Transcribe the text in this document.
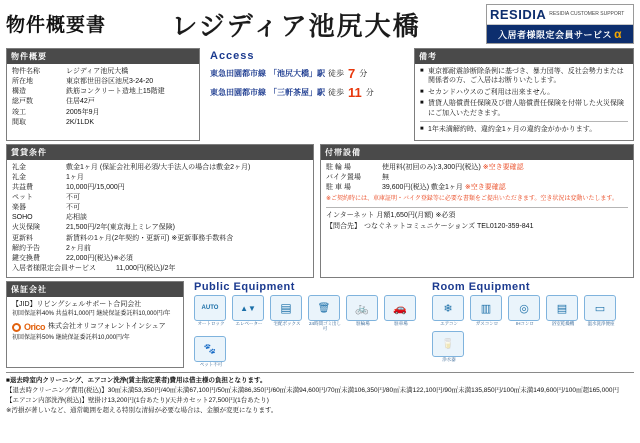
物件概要書	レジディア池尻大橋	RESIDIA RESIDIA CUSTOMER SUPPORT
入居者様限定会員サービス α
物件概要
物件名称	レジディア池尻大橋
所在地	東京都世田谷区池尻3-24-20
構造	鉄筋コンクリート造地上15階建
総戸数	住居42戸
竣工	2005年9月
間取	2K/1LDK
Access
東急田園都市線 「池尻大橋」駅 徒歩 7 分
東急田園都市線 「三軒茶屋」駅 徒歩 11 分
備考
■ 東京都耐震診断除条例に基づき、暴力団等、反社会勢力または関係者の方、ご入居はお断りいたします。
■ セカンドハウスのご利用は出来ません。
■ 賃貸人賠償責任保険及び借人賠償責任保険を付帯した火災保険にご加入いただきます。
■ 1年未満解約時、違約金1ヶ月の違約金がかかります。
賃貸条件
礼金	敷金1ヶ月 (保証会社利用必須/大手法人の場合は敷金2ヶ月)
礼金	1ヶ月
共益費	10,000円/15,000円
ペット	不可
楽器	不可
SOHO	応相談
火災保険	21,500円/2年(東京海上ミレア保険)
更新料	新賃料の1ヶ月(2年契約・更新可) ※更新事務手数料含
解約予告	2ヶ月前
鍵交換費	22,000円(税込)※必須
入居者様限定会員サービス	11,000円(税込)/2年
付帯設備
駐 輪 場	使用料(初回のみ):3,300円(税込) ※空き要確認
バイク置場	無
駐 車 場	39,600円(税込) 敷金1ヶ月 ※空き要確認
※ご契約時には、車庫証明・バイク登録等に必要な書類をご提出いただきます。空き状況は変動いたします。
インターネット 月額1,650円(月額) ※必須
【問合先】 つなぐネットコミュニケーションズ TEL0120-359-841
保証会社
【JID】リビングシェルサポート合同会社
初回保証料40% 共益料1,000円 継続保証委託料10,000円/年
Orico 株式会社オリコフォレントインシュア
初回保証料50% 継続保証委託料10,000円/年
Public Equipment
AUTO
オートロック
▲▼
エレベーター
▤
宅配ボックス
🗑
24時間ゴミ出し可
🚲
駐輪場
🚗
駐車場
🐾
ペット不可
Room Equipment
❄
エアコン
▥
ガスコンロ
◎
IHコンロ
▤
浴室乾燥機
▭
温水洗浄便座
🥛
浄水器
■退去時室内クリーニング、エアコン洗浄(賃主指定業者)費用は借主様の負担となります。
【退去時クリーニング費用(税込)】30㎡未満53,350円/40㎡未満67,100円/50㎡未満86,350円/60㎡未満94,600円/70㎡未満106,350円/80㎡未満122,100円/90㎡未満135,850円/100㎡未満149,600円/100㎡超165,000円
【エアコン内部洗浄(税込)】壁掛け13,200円(1台あたり)/天井カセット27,500円(1台あたり)
※汚損が著しいなど、通常範囲を超える特別な清掃が必要な場合は、金額が変更になります。
